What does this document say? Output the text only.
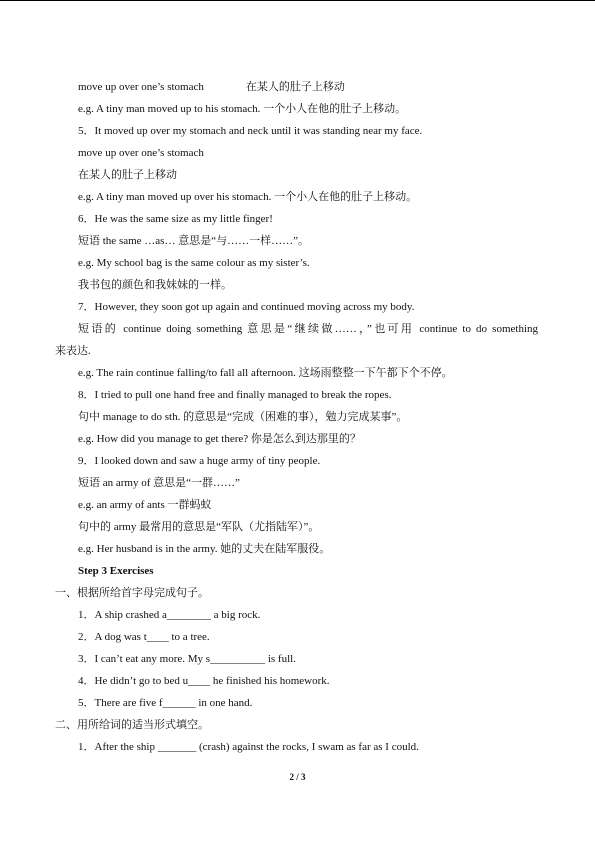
move up over one’s stomach	在某人的肚子上移动
e.g. A tiny man moved up to his stomach. 一个小人在他的肚子上移动。
5．It moved up over my stomach and neck until it was standing near my face.
move up over one’s stomach
在某人的肚子上移动
e.g. A tiny man moved up over his stomach. 一个小人在他的肚子上移动。
6．He was the same size as my little finger!
短语 the same …as… 意思是“与……一样……”。
e.g. My school bag is the same colour as my sister’s.
我书包的颜色和我妹妹的一样。
7．However, they soon got up again and continued moving across my body.
短语的 continue doing something 意思是“继续做……，”也可用 continue to do something
来表达.
e.g. The rain continue falling/to fall all afternoon. 这场雨整整一下午都下个不停。
8．I tried to pull one hand free and finally managed to break the ropes.
句中 manage to do sth. 的意思是“完成（困难的事），勉力完成某事”。
e.g. How did you manage to get there? 你是怎么到达那里的？
9．I looked down and saw a huge army of tiny people.
短语 an army of 意思是“一群……”
e.g. an army of ants 一群蚂蚁
句中的 army 最常用的意思是“军队（尤指陆军）”。
e.g. Her husband is in the army. 她的丈夫在陆军服役。
Step 3 Exercises
一、根据所给首字母完成句子。
1．A ship crashed a________ a big rock.
2．A dog was t____ to a tree.
3．I can’t eat any more. My s__________ is full.
4．He didn’t go to bed u____ he finished his homework.
5．There are five f______ in one hand.
二、用所给词的适当形式填空。
1．After the ship _______ (crash) against the rocks, I swam as far as I could.
2 / 3
